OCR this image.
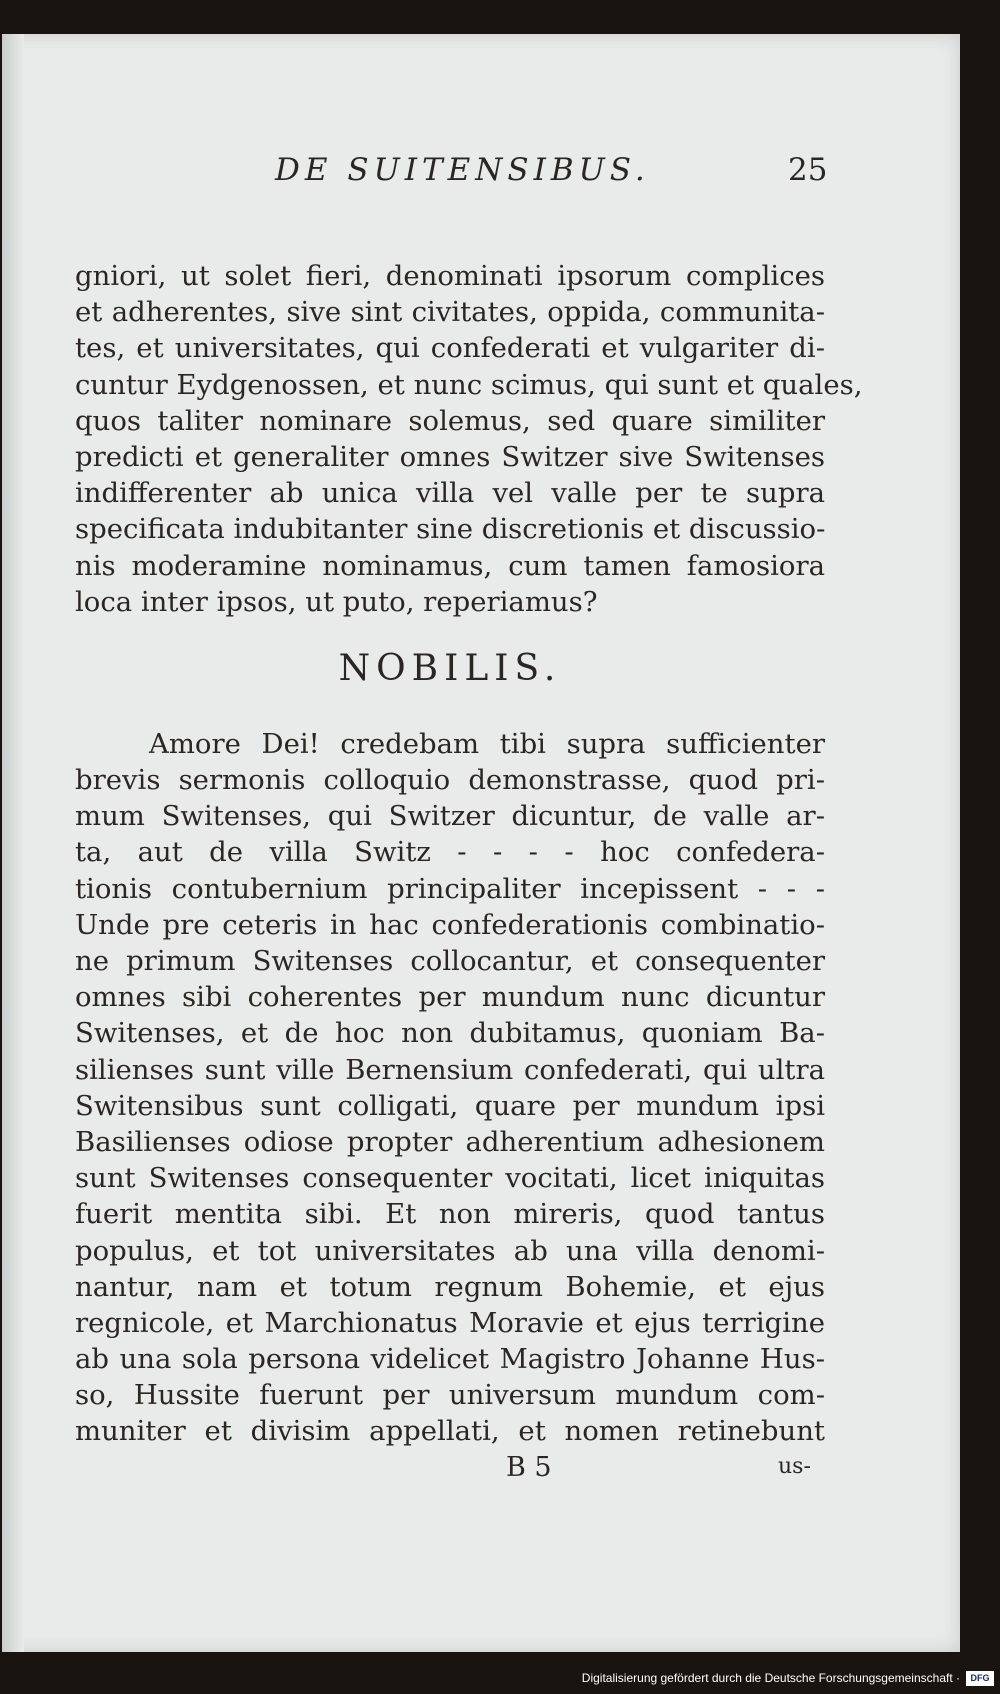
DE SUITENSIBUS.	25
gniori, ut solet fieri, denominati ipsorum complices
et adherentes, sive sint civitates, oppida, communita-
tes, et universitates, qui confederati et vulgariter di-
cuntur Eydgenossen, et nunc scimus, qui sunt et quales,
quos taliter nominare solemus, sed quare similiter
predicti et generaliter omnes Switzer sive Switenses
indifferenter ab unica villa vel valle per te supra
specificata indubitanter sine discretionis et discussio-
nis moderamine nominamus, cum tamen famosiora
loca inter ipsos, ut puto, reperiamus?
NOBILIS.
Amore Dei! credebam tibi supra sufficienter
brevis sermonis colloquio demonstrasse, quod pri-
mum Switenses, qui Switzer dicuntur, de valle ar-
ta, aut de villa Switz - - - - hoc confedera-
tionis contubernium principaliter incepissent - - -
Unde pre ceteris in hac confederationis combinatio-
ne primum Switenses collocantur, et consequenter
omnes sibi coherentes per mundum nunc dicuntur
Switenses, et de hoc non dubitamus, quoniam Ba-
silienses sunt ville Bernensium confederati, qui ultra
Switensibus sunt colligati, quare per mundum ipsi
Basilienses odiose propter adherentium adhesionem
sunt Switenses consequenter vocitati, licet iniquitas
fuerit mentita sibi. Et non mireris, quod tantus
populus, et tot universitates ab una villa denomi-
nantur, nam et totum regnum Bohemie, et ejus
regnicole, et Marchionatus Moravie et ejus terrigine
ab una sola persona videlicet Magistro Johanne Hus-
so, Hussite fuerunt per universum mundum com-
muniter et divisim appellati, et nomen retinebunt
B 5	us-
Digitalisierung gefördert durch die Deutsche Forschungsgemeinschaft ·	DFG
